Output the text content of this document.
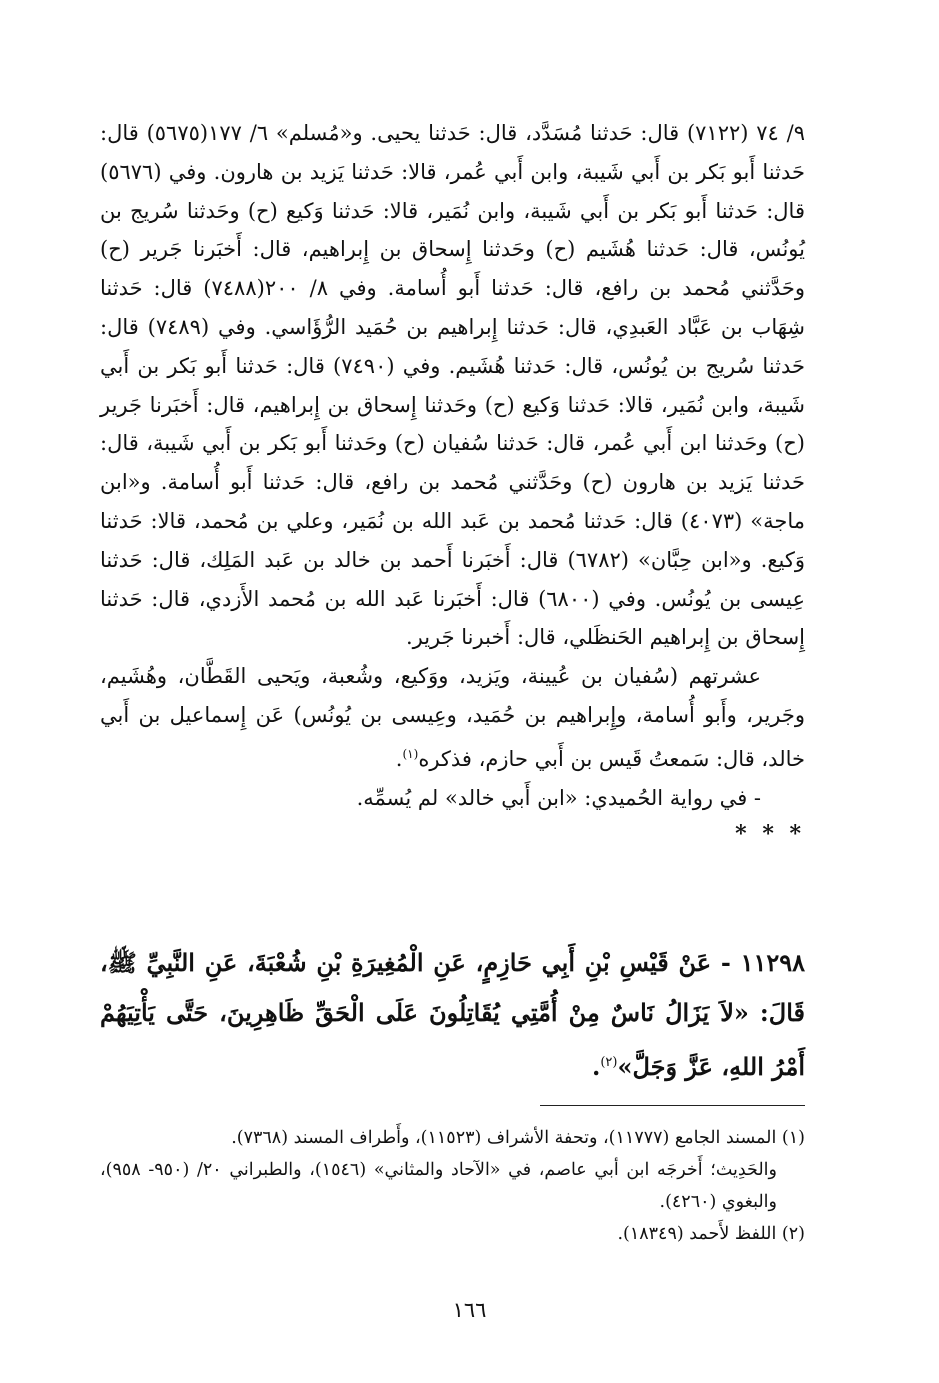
٩/ ٧٤ (٧١٢٢) قال: حَدثنا مُسَدَّد، قال: حَدثنا يحيى. و«مُسلم» ٦/ ١٧٧(٥٦٧٥) قال: حَدثنا أَبو بَكر بن أَبي شَيبة، وابن أَبي عُمر، قالا: حَدثنا يَزيد بن هارون. وفي (٥٦٧٦) قال: حَدثنا أَبو بَكر بن أَبي شَيبة، وابن نُمَير، قالا: حَدثنا وَكيع (ح) وحَدثنا سُريج بن يُونُس، قال: حَدثنا هُشَيم (ح) وحَدثنا إِسحاق بن إِبراهيم، قال: أَخبَرنا جَرير (ح) وحَدَّثني مُحمد بن رافع، قال: حَدثنا أَبو أُسامة. وفي ٨/ ٢٠٠(٧٤٨٨) قال: حَدثنا شِهَاب بن عَبَّاد العَبدِي، قال: حَدثنا إِبراهيم بن حُمَيد الرُّؤَاسي. وفي (٧٤٨٩) قال: حَدثنا سُريج بن يُونُس، قال: حَدثنا هُشَيم. وفي (٧٤٩٠) قال: حَدثنا أَبو بَكر بن أَبي شَيبة، وابن نُمَير، قالا: حَدثنا وَكيع (ح) وحَدثنا إِسحاق بن إِبراهيم، قال: أَخبَرنا جَرير (ح) وحَدثنا ابن أَبي عُمر، قال: حَدثنا سُفيان (ح) وحَدثنا أَبو بَكر بن أَبي شَيبة، قال: حَدثنا يَزيد بن هارون (ح) وحَدَّثني مُحمد بن رافع، قال: حَدثنا أَبو أُسامة. و«ابن ماجة» (٤٠٧٣) قال: حَدثنا مُحمد بن عَبد الله بن نُمَير، وعلي بن مُحمد، قالا: حَدثنا وَكيع. و«ابن حِبَّان» (٦٧٨٢) قال: أَخبَرنا أَحمد بن خالد بن عَبد المَلِك، قال: حَدثنا عِيسى بن يُونُس. وفي (٦٨٠٠) قال: أَخبَرنا عَبد الله بن مُحمد الأَزدي، قال: حَدثنا إِسحاق بن إِبراهيم الحَنظَلي، قال: أَخبرنا جَرير.

عشرتهم (سُفيان بن عُيينة، ويَزيد، ووَكيع، وشُعبة، ويَحيى القَطَّان، وهُشَيم، وجَرير، وأَبو أُسامة، وإِبراهيم بن حُمَيد، وعِيسى بن يُونُس) عَن إِسماعيل بن أَبي خالد، قال: سَمعتُ قَيس بن أَبي حازم، فذكره$^{(١)}$.

- في رواية الحُميدي: «ابن أَبي خالد» لم يُسمِّه.

* * *
١١٢٩٨ - عَنْ قَيْسِ بْنِ أَبِي حَازِمٍ، عَنِ الْمُغِيرَةِ بْنِ شُعْبَةَ، عَنِ النَّبِيِّ ﷺ، قَالَ: «لاَ يَزَالُ نَاسٌ مِنْ أُمَّتِي يُقَاتِلُونَ عَلَى الْحَقِّ ظَاهِرِينَ، حَتَّى يَأْتِيَهُمْ أَمْرُ اللهِ، عَزَّ وَجَلَّ»$^{(٢)}$.

(١) المسند الجامع (١١٧٧٧)، وتحفة الأشراف (١١٥٢٣)، وأَطراف المسند (٧٣٦٨).

والحَدِيث؛ أَخرجَه ابن أبي عاصم، في «الآحاد والمثاني» (١٥٤٦)، والطبراني ٢٠/ (٩٥٠- ٩٥٨)، والبغوي (٤٢٦٠).

(٢) اللفظ لأَحمد (١٨٣٤٩).

١٦٦
